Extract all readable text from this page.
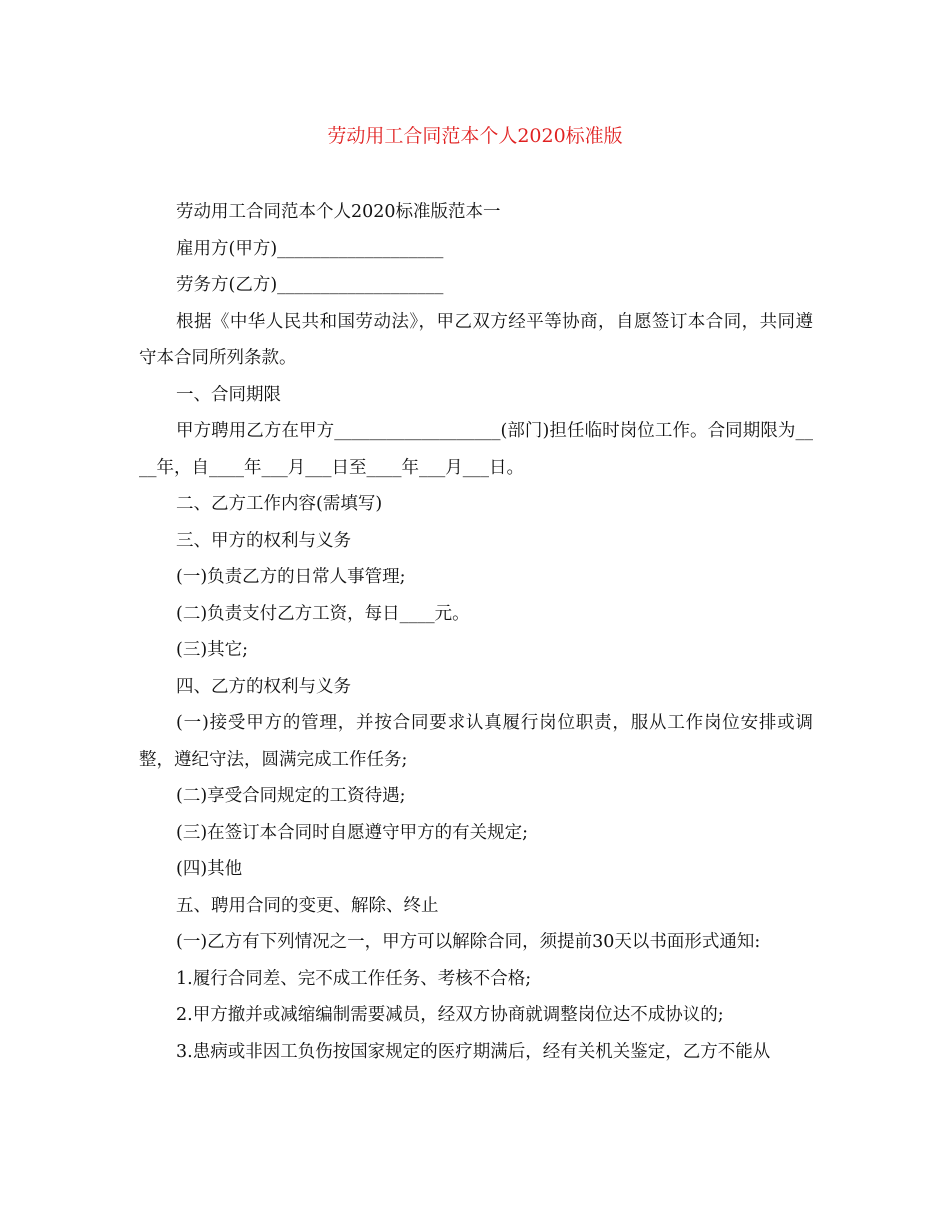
劳动用工合同范本个人2020标准版

劳动用工合同范本个人2020标准版范本一

雇用方(甲方)___________________

劳务方(乙方)___________________

根据《中华人民共和国劳动法》，甲乙双方经平等协商，自愿签订本合同，共同遵守本合同所列条款。

一、合同期限

甲方聘用乙方在甲方___________________(部门)担任临时岗位工作。合同期限为____年，自____年___月___日至____年___月___日。

二、乙方工作内容(需填写)

三、甲方的权利与义务

(一)负责乙方的日常人事管理;

(二)负责支付乙方工资，每日____元。

(三)其它;

四、乙方的权利与义务

(一)接受甲方的管理，并按合同要求认真履行岗位职责，服从工作岗位安排或调整，遵纪守法，圆满完成工作任务;

(二)享受合同规定的工资待遇;

(三)在签订本合同时自愿遵守甲方的有关规定;

(四)其他

五、聘用合同的变更、解除、终止

(一)乙方有下列情况之一，甲方可以解除合同，须提前30天以书面形式通知:

1.履行合同差、完不成工作任务、考核不合格;

2.甲方撤并或减缩编制需要减员，经双方协商就调整岗位达不成协议的;

3.患病或非因工负伤按国家规定的医疗期满后，经有关机关鉴定，乙方不能从
